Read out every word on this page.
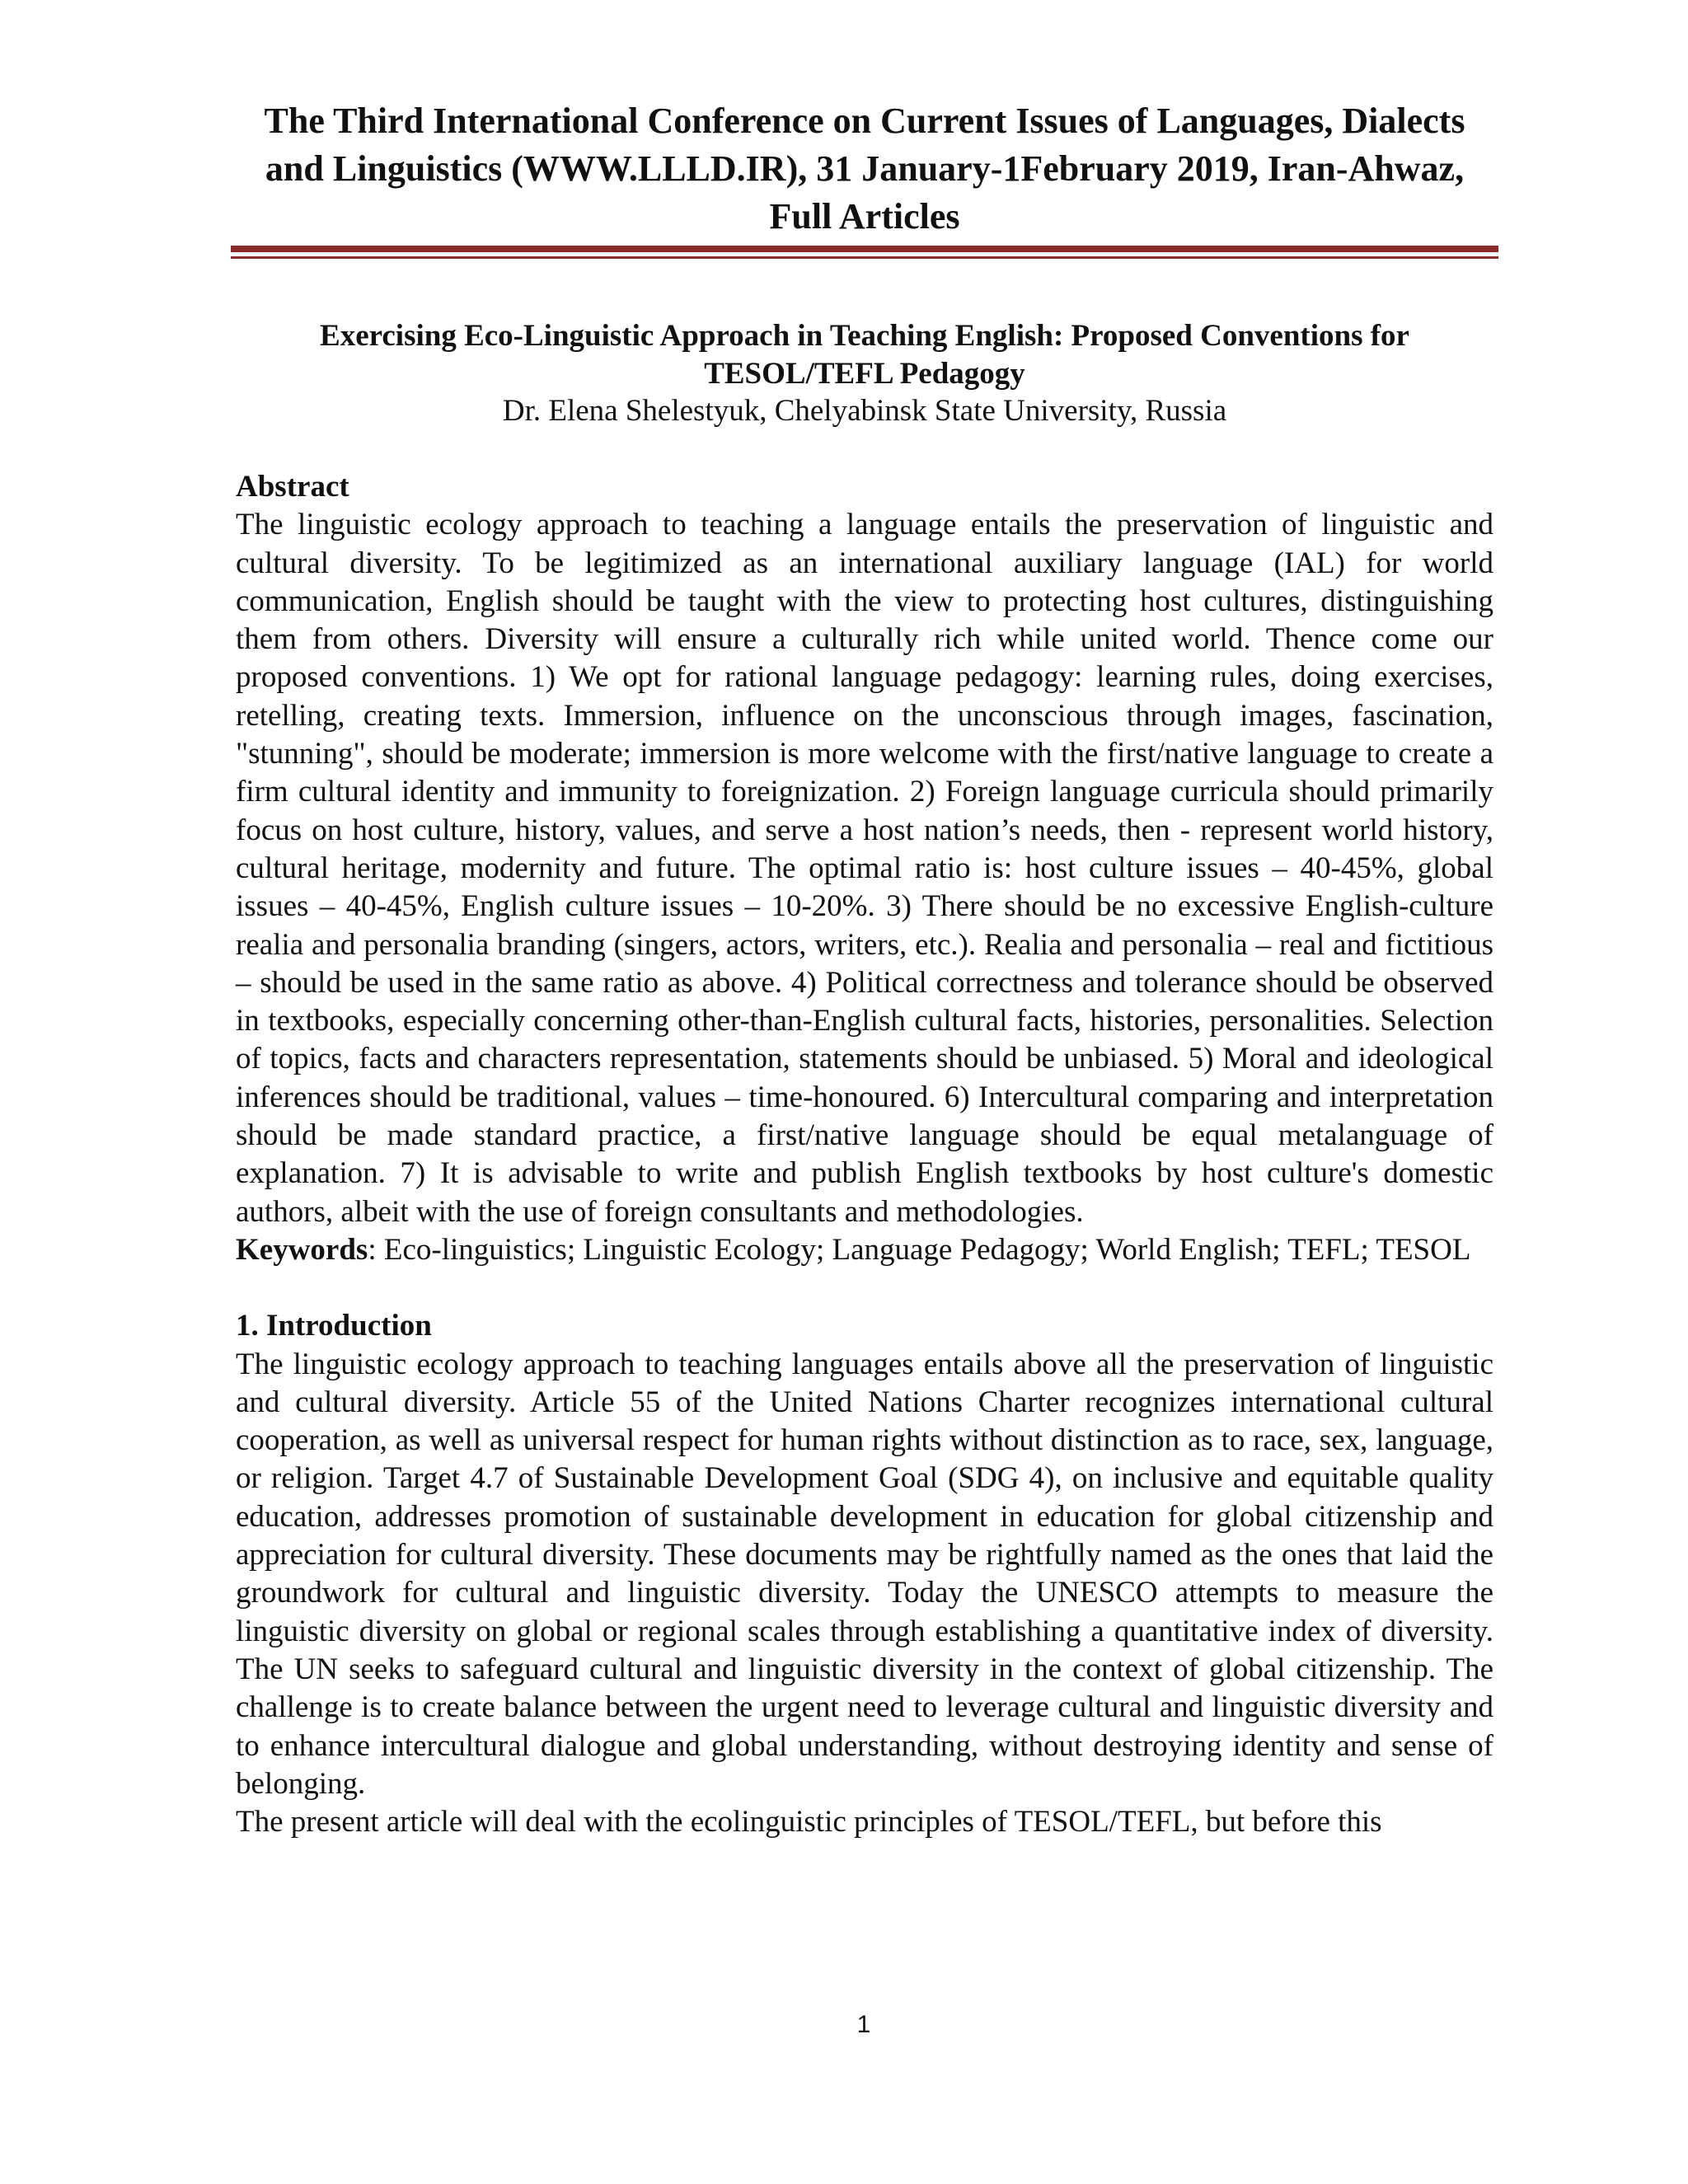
The Third International Conference on Current Issues of Languages, Dialects and Linguistics (WWW.LLLD.IR), 31 January-1February 2019, Iran-Ahwaz, Full Articles
Exercising Eco-Linguistic Approach in Teaching English: Proposed Conventions for TESOL/TEFL Pedagogy
Dr. Elena Shelestyuk, Chelyabinsk State University, Russia

Abstract

The linguistic ecology approach to teaching a language entails the preservation of linguistic and cultural diversity. To be legitimized as an international auxiliary language (IAL) for world communication, English should be taught with the view to protecting host cultures, distinguishing them from others. Diversity will ensure a culturally rich while united world. Thence come our proposed conventions. 1) We opt for rational language pedagogy: learning rules, doing exercises, retelling, creating texts. Immersion, influence on the unconscious through images, fascination, "stunning", should be moderate; immersion is more welcome with the first/native language to create a firm cultural identity and immunity to foreignization. 2) Foreign language curricula should primarily focus on host culture, history, values, and serve a host nation’s needs, then - represent world history, cultural heritage, modernity and future. The optimal ratio is: host culture issues – 40-45%, global issues – 40-45%, English culture issues – 10-20%. 3) There should be no excessive English-culture realia and personalia branding (singers, actors, writers, etc.). Realia and personalia – real and fictitious – should be used in the same ratio as above. 4) Political correctness and tolerance should be observed in textbooks, especially concerning other-than-English cultural facts, histories, personalities. Selection of topics, facts and characters representation, statements should be unbiased. 5) Moral and ideological inferences should be traditional, values – time-honoured. 6) Intercultural comparing and interpretation should be made standard practice, a first/native language should be equal metalanguage of explanation. 7) It is advisable to write and publish English textbooks by host culture's domestic authors, albeit with the use of foreign consultants and methodologies.

Keywords: Eco-linguistics; Linguistic Ecology; Language Pedagogy; World English; TEFL; TESOL

1. Introduction

The linguistic ecology approach to teaching languages entails above all the preservation of linguistic and cultural diversity. Article 55 of the United Nations Charter recognizes international cultural cooperation, as well as universal respect for human rights without distinction as to race, sex, language, or religion. Target 4.7 of Sustainable Development Goal (SDG 4), on inclusive and equitable quality education, addresses promotion of sustainable development in education for global citizenship and appreciation for cultural diversity. These documents may be rightfully named as the ones that laid the groundwork for cultural and linguistic diversity. Today the UNESCO attempts to measure the linguistic diversity on global or regional scales through establishing a quantitative index of diversity. The UN seeks to safeguard cultural and linguistic diversity in the context of global citizenship. The challenge is to create balance between the urgent need to leverage cultural and linguistic diversity and to enhance intercultural dialogue and global understanding, without destroying identity and sense of belonging.

The present article will deal with the ecolinguistic principles of TESOL/TEFL, but before this

1
